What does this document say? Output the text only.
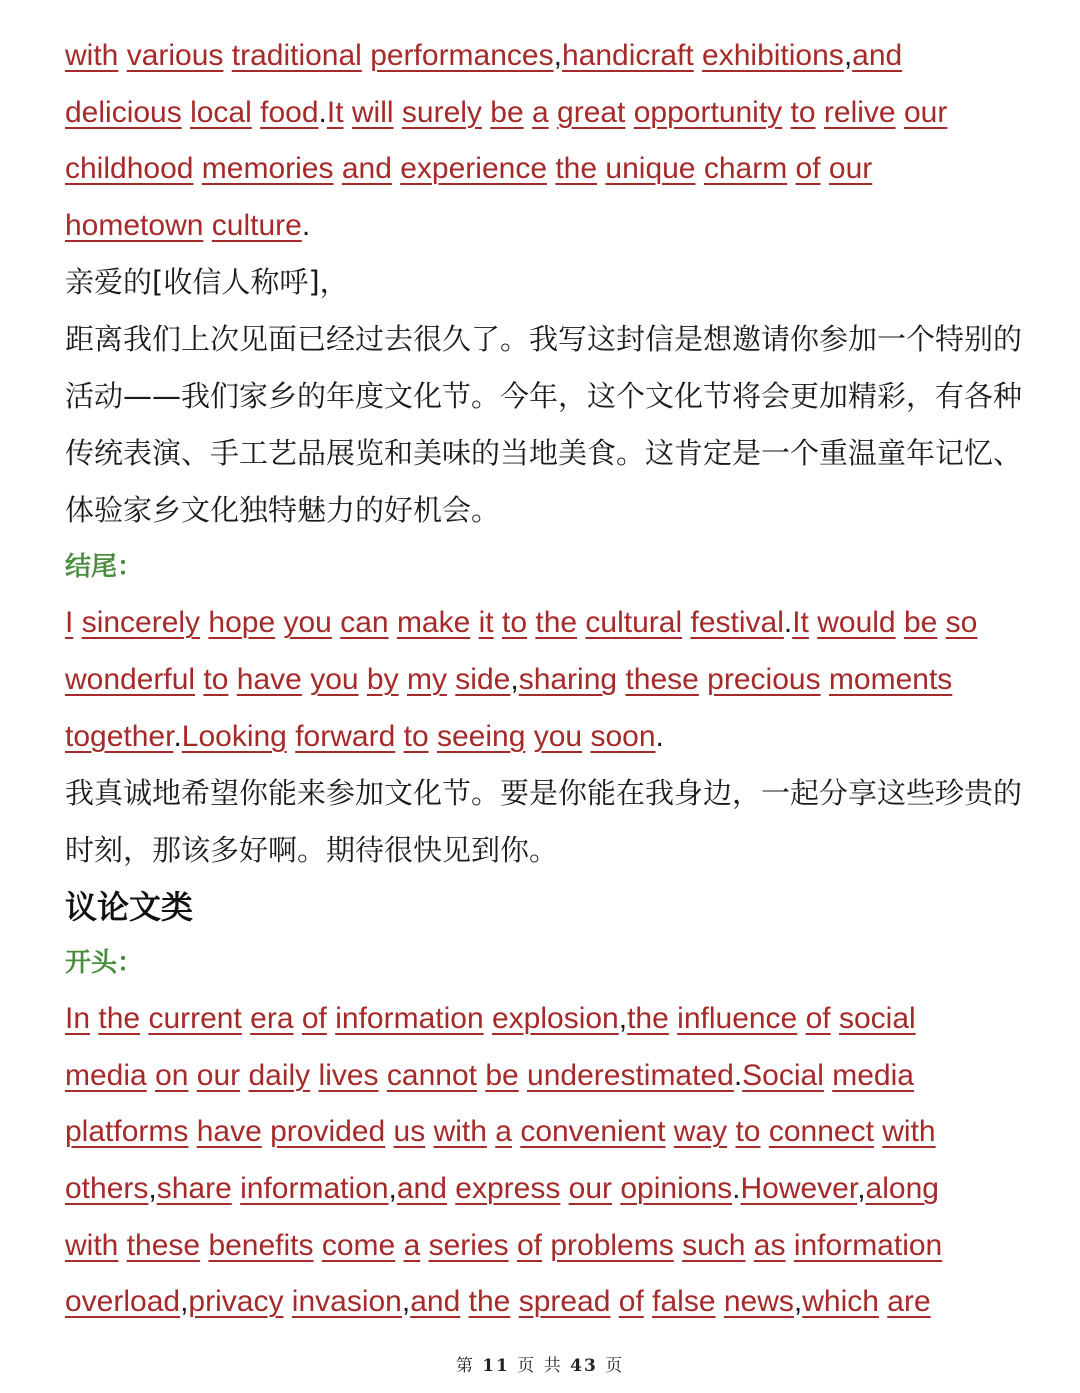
with various traditional performances,handicraft exhibitions,and

delicious local food.It will surely be a great opportunity to relive our

childhood memories and experience the unique charm of our

hometown culture.

亲爱的[收信人称呼]，

距离我们上次见面已经过去很久了。我写这封信是想邀请你参加一个特别的

活动——我们家乡的年度文化节。今年，这个文化节将会更加精彩，有各种

传统表演、手工艺品展览和美味的当地美食。这肯定是一个重温童年记忆、

体验家乡文化独特魅力的好机会。

结尾：

I sincerely hope you can make it to the cultural festival.It would be so

wonderful to have you by my side,sharing these precious moments

together.Looking forward to seeing you soon.

我真诚地希望你能来参加文化节。要是你能在我身边，一起分享这些珍贵的

时刻，那该多好啊。期待很快见到你。

议论文类

开头：

In the current era of information explosion,the influence of social

media on our daily lives cannot be underestimated.Social media

platforms have provided us with a convenient way to connect with

others,share information,and express our opinions.However,along

with these benefits come a series of problems such as information

overload,privacy invasion,and the spread of false news,which are

第 11 页 共 43 页
